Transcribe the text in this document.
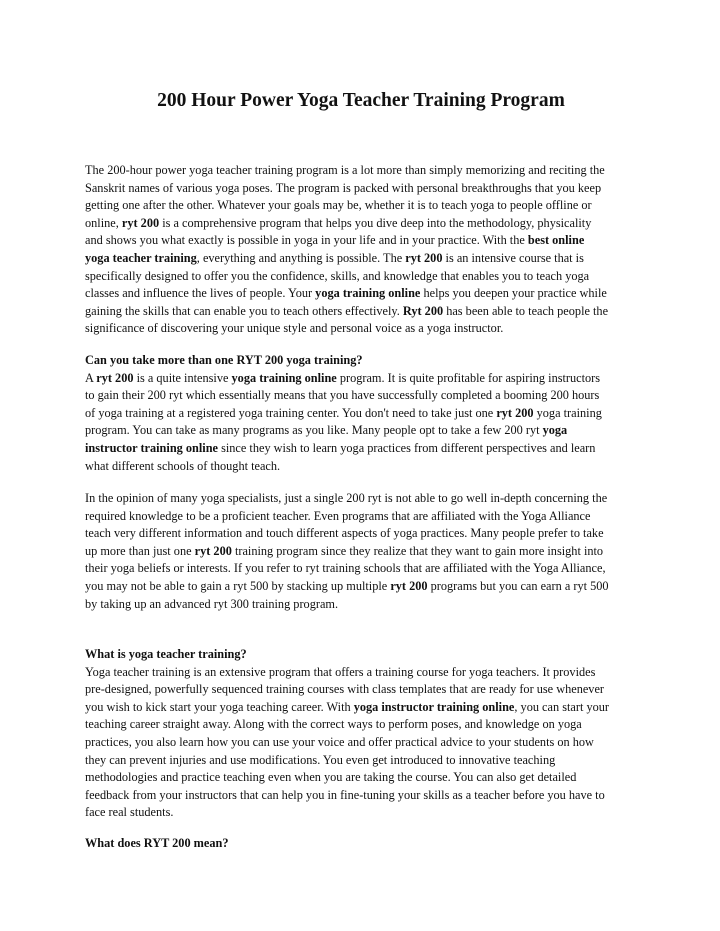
200 Hour Power Yoga Teacher Training Program

The 200-hour power yoga teacher training program is a lot more than simply memorizing and reciting the
Sanskrit names of various yoga poses. The program is packed with personal breakthroughs that you keep
getting one after the other. Whatever your goals may be, whether it is to teach yoga to people offline or
online, ryt 200 is a comprehensive program that helps you dive deep into the methodology, physicality
and shows you what exactly is possible in yoga in your life and in your practice. With the best online
yoga teacher training, everything and anything is possible. The ryt 200 is an intensive course that is
specifically designed to offer you the confidence, skills, and knowledge that enables you to teach yoga
classes and influence the lives of people. Your yoga training online helps you deepen your practice while
gaining the skills that can enable you to teach others effectively. Ryt 200 has been able to teach people the
significance of discovering your unique style and personal voice as a yoga instructor.

Can you take more than one RYT 200 yoga training?

A ryt 200 is a quite intensive yoga training online program. It is quite profitable for aspiring instructors
to gain their 200 ryt which essentially means that you have successfully completed a booming 200 hours
of yoga training at a registered yoga training center. You don't need to take just one ryt 200 yoga training
program. You can take as many programs as you like. Many people opt to take a few 200 ryt yoga
instructor training online since they wish to learn yoga practices from different perspectives and learn
what different schools of thought teach.

In the opinion of many yoga specialists, just a single 200 ryt is not able to go well in-depth concerning the
required knowledge to be a proficient teacher. Even programs that are affiliated with the Yoga Alliance
teach very different information and touch different aspects of yoga practices. Many people prefer to take
up more than just one ryt 200 training program since they realize that they want to gain more insight into
their yoga beliefs or interests. If you refer to ryt training schools that are affiliated with the Yoga Alliance,
you may not be able to gain a ryt 500 by stacking up multiple ryt 200 programs but you can earn a ryt 500
by taking up an advanced ryt 300 training program.

What is yoga teacher training?

Yoga teacher training is an extensive program that offers a training course for yoga teachers. It provides
pre-designed, powerfully sequenced training courses with class templates that are ready for use whenever
you wish to kick start your yoga teaching career. With yoga instructor training online, you can start your
teaching career straight away. Along with the correct ways to perform poses, and knowledge on yoga
practices, you also learn how you can use your voice and offer practical advice to your students on how
they can prevent injuries and use modifications. You even get introduced to innovative teaching
methodologies and practice teaching even when you are taking the course. You can also get detailed
feedback from your instructors that can help you in fine-tuning your skills as a teacher before you have to
face real students.

What does RYT 200 mean?
